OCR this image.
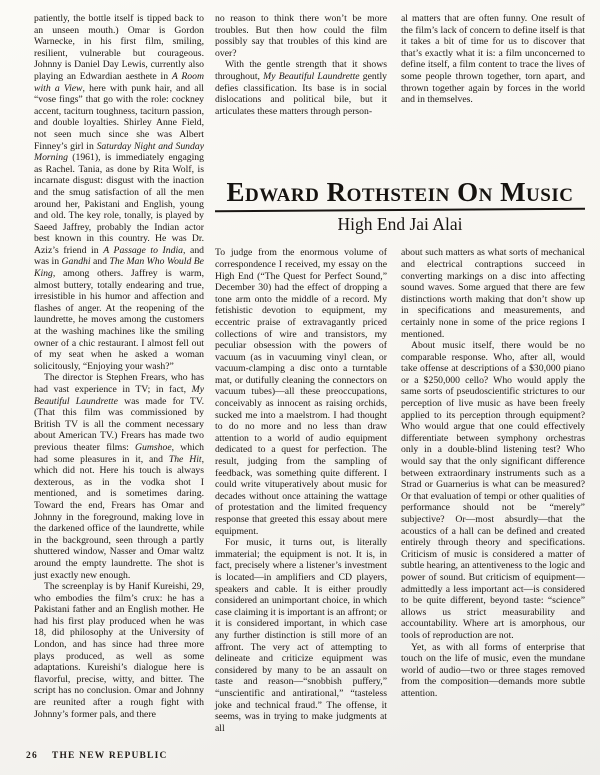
patiently, the bottle itself is tipped back to an unseen mouth.) Omar is Gordon Warnecke, in his first film, smiling, resilient, vulnerable but courageous. Johnny is Daniel Day Lewis, currently also playing an Edwardian aesthete in A Room with a View, here with punk hair, and all “vose fings” that go with the role: cockney accent, taciturn toughness, taciturn passion, and double loyalties. Shirley Anne Field, not seen much since she was Albert Finney’s girl in Saturday Night and Sunday Morning (1961), is immediately engaging as Rachel. Tania, as done by Rita Wolf, is incarnate disgust: disgust with the inaction and the smug satisfaction of all the men around her, Pakistani and English, young and old. The key role, tonally, is played by Saeed Jaffrey, probably the Indian actor best known in this country. He was Dr. Aziz’s friend in A Passage to India, and was in Gandhi and The Man Who Would Be King, among others. Jaffrey is warm, almost buttery, totally endearing and true, irresistible in his humor and affection and flashes of anger. At the reopening of the laundrette, he moves among the customers at the washing machines like the smiling owner of a chic restaurant. I almost fell out of my seat when he asked a woman solicitously, “Enjoying your wash?”

The director is Stephen Frears, who has had vast experience in TV; in fact, My Beautiful Laundrette was made for TV. (That this film was commissioned by British TV is all the comment necessary about American TV.) Frears has made two previous theater films: Gumshoe, which had some pleasures in it, and The Hit, which did not. Here his touch is always dexterous, as in the vodka shot I mentioned, and is sometimes daring. Toward the end, Frears has Omar and Johnny in the foreground, making love in the darkened office of the laundrette, while in the background, seen through a partly shuttered window, Nasser and Omar waltz around the empty laundrette. The shot is just exactly new enough.

The screenplay is by Hanif Kureishi, 29, who embodies the film’s crux: he has a Pakistani father and an English mother. He had his first play produced when he was 18, did philosophy at the University of London, and has since had three more plays produced, as well as some adaptations. Kureishi’s dialogue here is flavorful, precise, witty, and bitter. The script has no conclusion. Omar and Johnny are reunited after a rough fight with Johnny’s former pals, and there

no reason to think there won’t be more troubles. But then how could the film possibly say that troubles of this kind are over?

With the gentle strength that it shows throughout, My Beautiful Laundrette gently defies classification. Its base is in social dislocations and political bile, but it articulates these matters through person-

al matters that are often funny. One result of the film’s lack of concern to define itself is that it takes a bit of time for us to discover that that’s exactly what it is: a film unconcerned to define itself, a film content to trace the lives of some people thrown together, torn apart, and thrown together again by forces in the world and in themselves.

Edward Rothstein On Music
High End Jai Alai

To judge from the enormous volume of correspondence I received, my essay on the High End (“The Quest for Perfect Sound,” December 30) had the effect of dropping a tone arm onto the middle of a record. My fetishistic devotion to equipment, my eccentric praise of extravagantly priced collections of wire and transistors, my peculiar obsession with the powers of vacuum (as in vacuuming vinyl clean, or vacuum-clamping a disc onto a turntable mat, or dutifully cleaning the connectors on vacuum tubes)—all these preoccupations, conceivably as innocent as raising orchids, sucked me into a maelstrom. I had thought to do no more and no less than draw attention to a world of audio equipment dedicated to a quest for perfection. The result, judging from the sampling of feedback, was something quite different. I could write vituperatively about music for decades without once attaining the wattage of protestation and the limited frequency response that greeted this essay about mere equipment.

For music, it turns out, is literally immaterial; the equipment is not. It is, in fact, precisely where a listener’s investment is located—in amplifiers and CD players, speakers and cable. It is either proudly considered an unimportant choice, in which case claiming it is important is an affront; or it is considered important, in which case any further distinction is still more of an affront. The very act of attempting to delineate and criticize equipment was considered by many to be an assault on taste and reason—“snobbish puffery,” “unscientific and antirational,” “tasteless joke and technical fraud.” The offense, it seems, was in trying to make judgments at all

about such matters as what sorts of mechanical and electrical contraptions succeed in converting markings on a disc into affecting sound waves. Some argued that there are few distinctions worth making that don’t show up in specifications and measurements, and certainly none in some of the price regions I mentioned.

About music itself, there would be no comparable response. Who, after all, would take offense at descriptions of a $30,000 piano or a $250,000 cello? Who would apply the same sorts of pseudoscientific strictures to our perception of live music as have been freely applied to its perception through equipment? Who would argue that one could effectively differentiate between symphony orchestras only in a double-blind listening test? Who would say that the only significant difference between extraordinary instruments such as a Strad or Guarnerius is what can be measured? Or that evaluation of tempi or other qualities of performance should not be “merely” subjective? Or—most absurdly—that the acoustics of a hall can be defined and created entirely through theory and specifications. Criticism of music is considered a matter of subtle hearing, an attentiveness to the logic and power of sound. But criticism of equipment—admittedly a less important act—is considered to be quite different, beyond taste: “science” allows us strict measurability and accountability. Where art is amorphous, our tools of reproduction are not.

Yet, as with all forms of enterprise that touch on the life of music, even the mundane world of audio—two or three stages removed from the composition—demands more subtle attention.

26 THE NEW REPUBLIC
